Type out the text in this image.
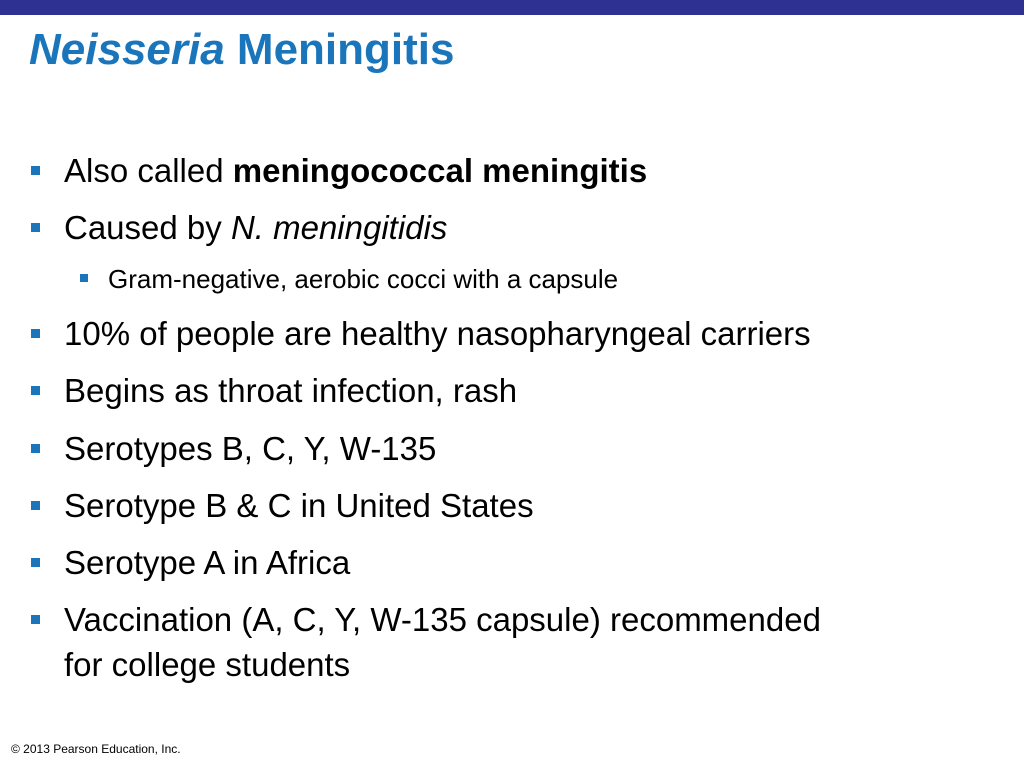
Neisseria Meningitis
Also called meningococcal meningitis
Caused by N. meningitidis
Gram-negative, aerobic cocci with a capsule
10% of people are healthy nasopharyngeal carriers
Begins as throat infection, rash
Serotypes B, C, Y, W-135
Serotype B & C in United States
Serotype A in Africa
Vaccination (A, C, Y, W-135 capsule) recommended
for college students
© 2013 Pearson Education, Inc.
